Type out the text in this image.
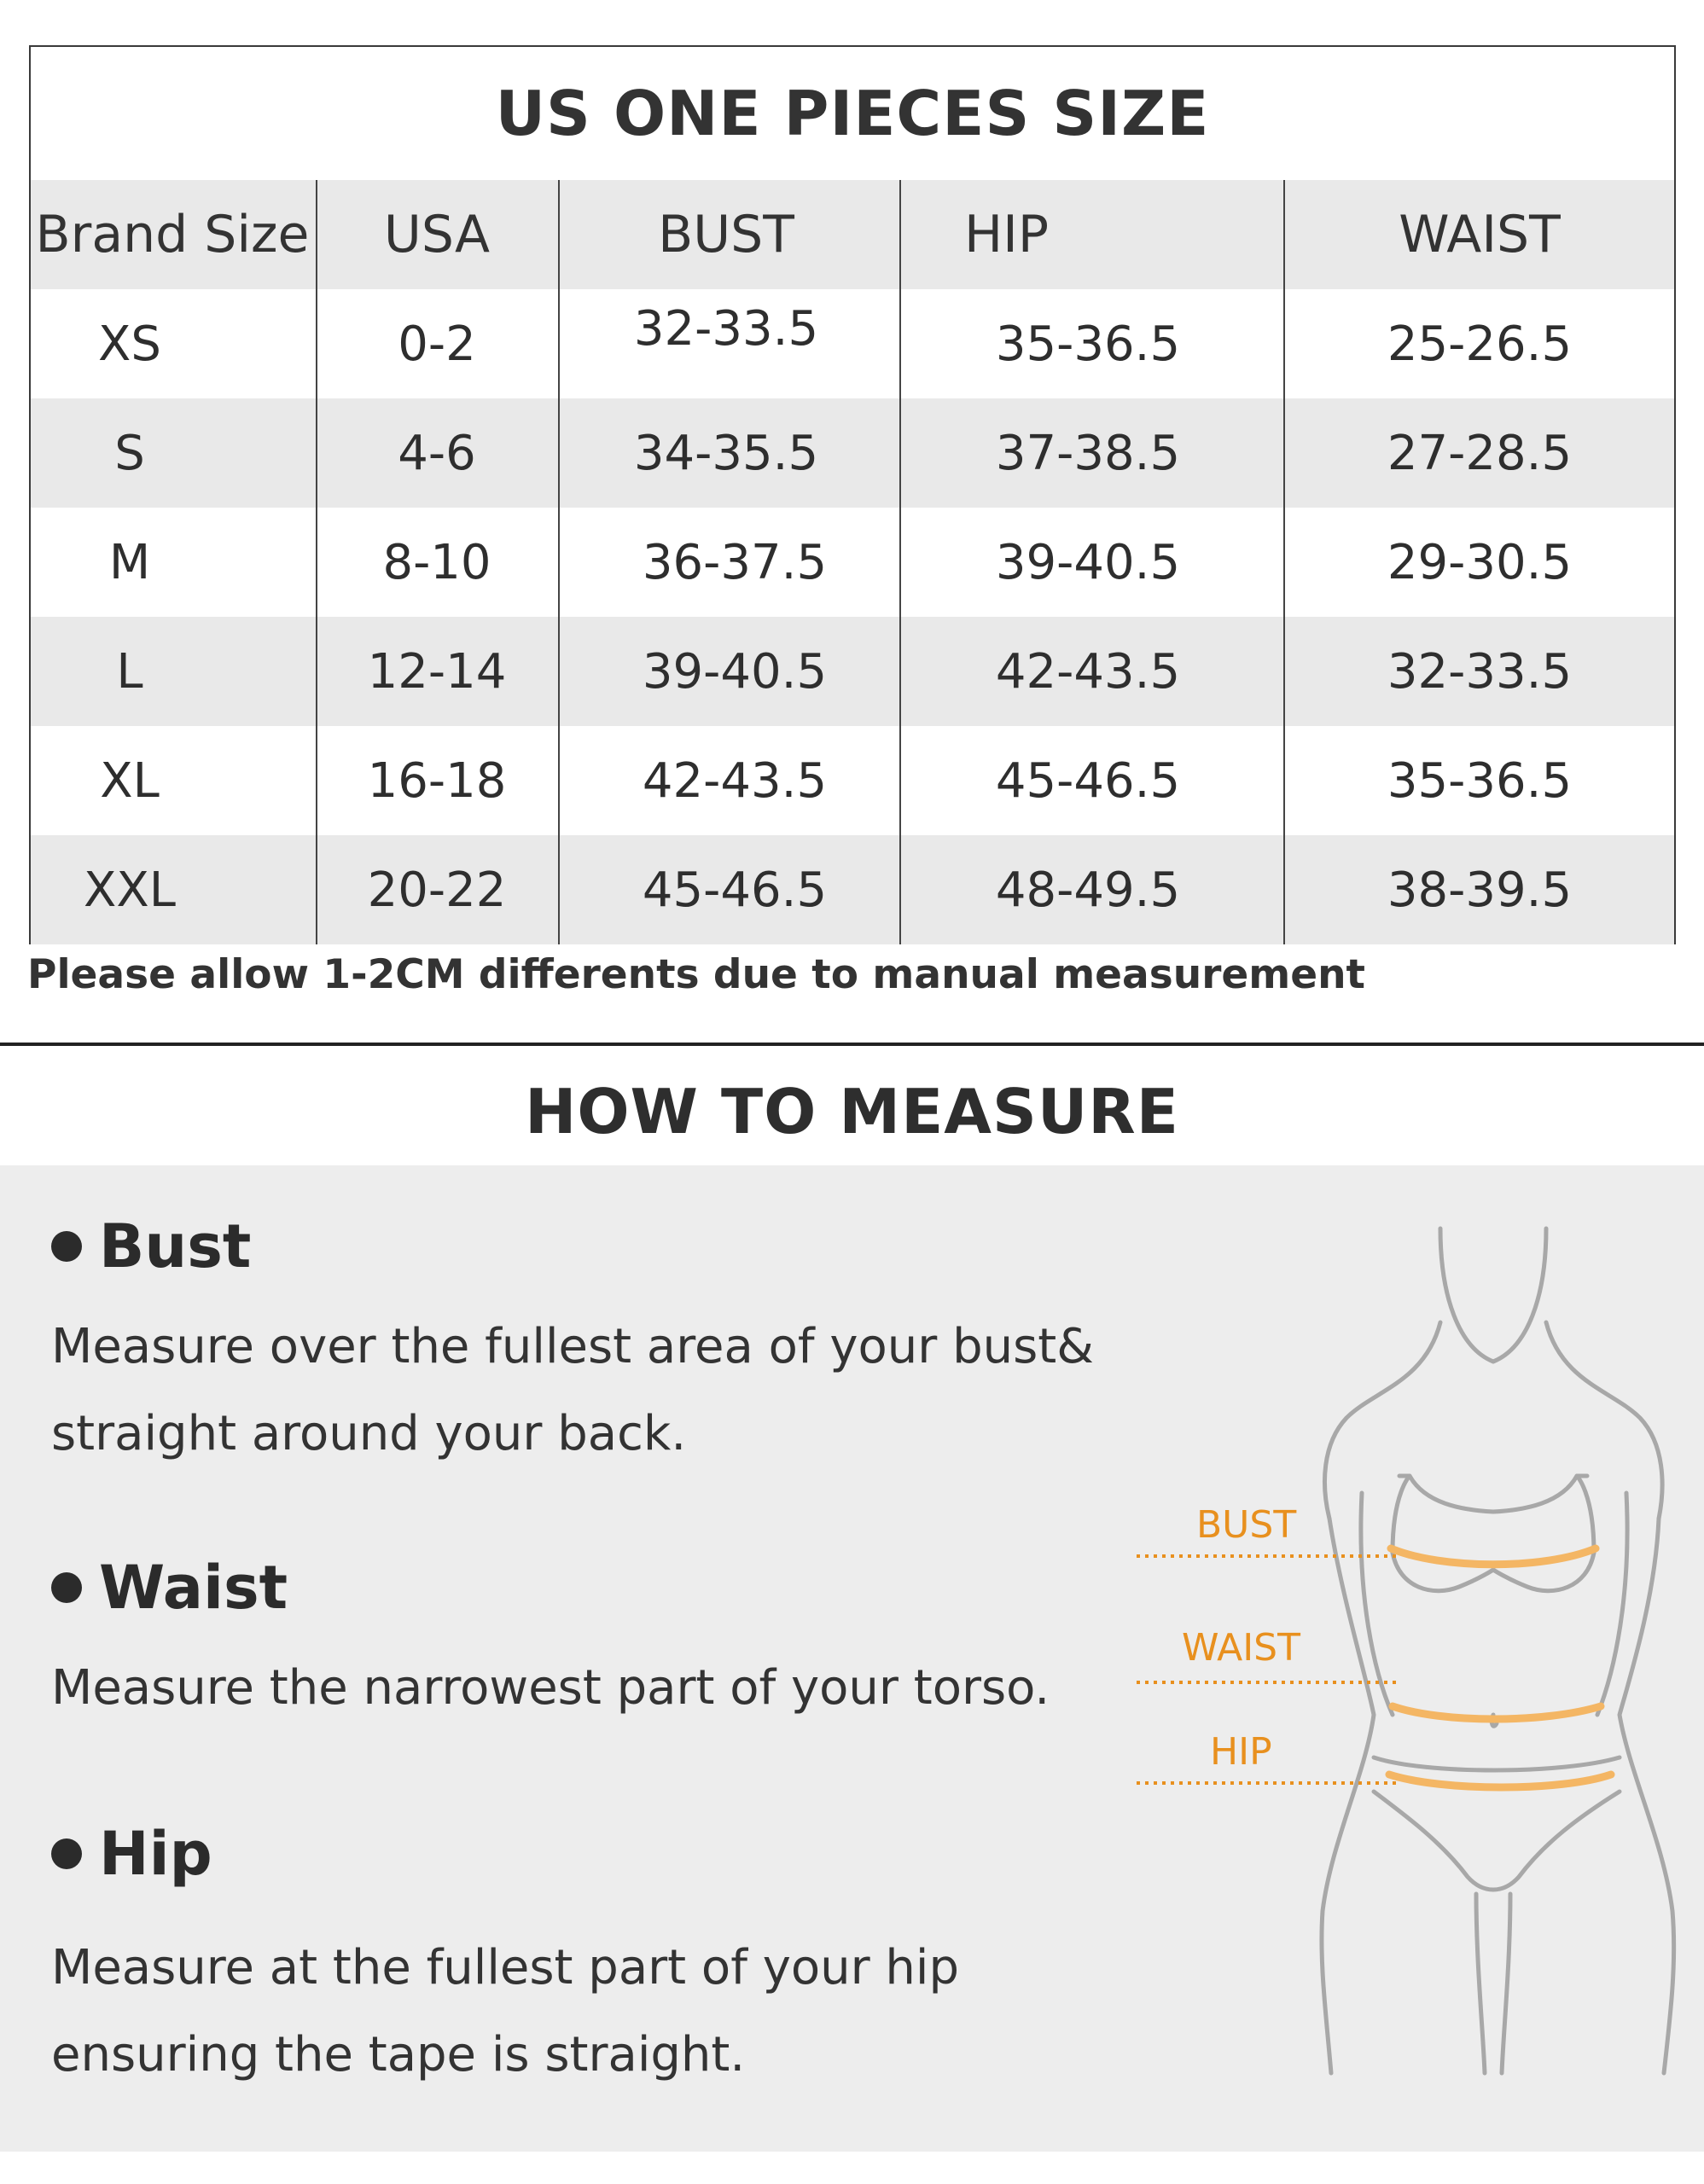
US ONE PIECES SIZE
Brand Size	USA	BUST	HIP	WAIST
XS	0-2	32-33.5	35-36.5	25-26.5
S	4-6	34-35.5	37-38.5	27-28.5
M	8-10	36-37.5	39-40.5	29-30.5
L	12-14	39-40.5	42-43.5	32-33.5
XL	16-18	42-43.5	45-46.5	35-36.5
XXL	20-22	45-46.5	48-49.5	38-39.5
Please allow 1-2CM differents due to manual measurement
HOW TO MEASURE
Bust
Measure over the fullest area of your bust&
straight around your back.
Waist
Measure the narrowest part of your torso.
Hip
Measure at the fullest part of your hip
ensuring the tape is straight.
BUST
WAIST
HIP
